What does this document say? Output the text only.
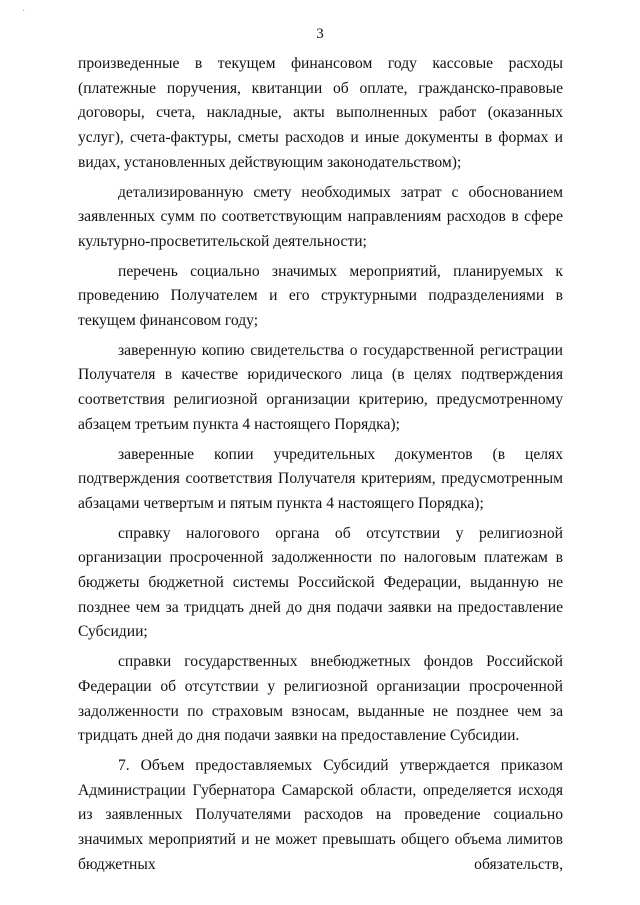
·
3

произведенные в текущем финансовом году кассовые расходы (платежные поручения, квитанции об оплате, гражданско-правовые договоры, счета, накладные, акты выполненных работ (оказанных услуг), счета-фактуры, сметы расходов и иные документы в формах и видах, установленных действующим законодательством);

детализированную смету необходимых затрат с обоснованием заявленных сумм по соответствующим направлениям расходов в сфере культурно-просветительской деятельности;

перечень социально значимых мероприятий, планируемых к проведению Получателем и его структурными подразделениями в текущем финансовом году;

заверенную копию свидетельства о государственной регистрации Получателя в качестве юридического лица (в целях подтверждения соответствия религиозной организации критерию, предусмотренному абзацем третьим пункта 4 настоящего Порядка);

заверенные копии учредительных документов (в целях подтверждения соответствия Получателя критериям, предусмотренным абзацами четвертым и пятым пункта 4 настоящего Порядка);

справку налогового органа об отсутствии у религиозной организации просроченной задолженности по налоговым платежам в бюджеты бюджетной системы Российской Федерации, выданную не позднее чем за тридцать дней до дня подачи заявки на предоставление Субсидии;

справки государственных внебюджетных фондов Российской Федерации об отсутствии у религиозной организации просроченной задолженности по страховым взносам, выданные не позднее чем за тридцать дней до дня подачи заявки на предоставление Субсидии.

7. Объем предоставляемых Субсидий утверждается приказом Администрации Губернатора Самарской области, определяется исходя из заявленных Получателями расходов на проведение социально значимых мероприятий и не может превышать общего объема лимитов бюджетных обязательств,
